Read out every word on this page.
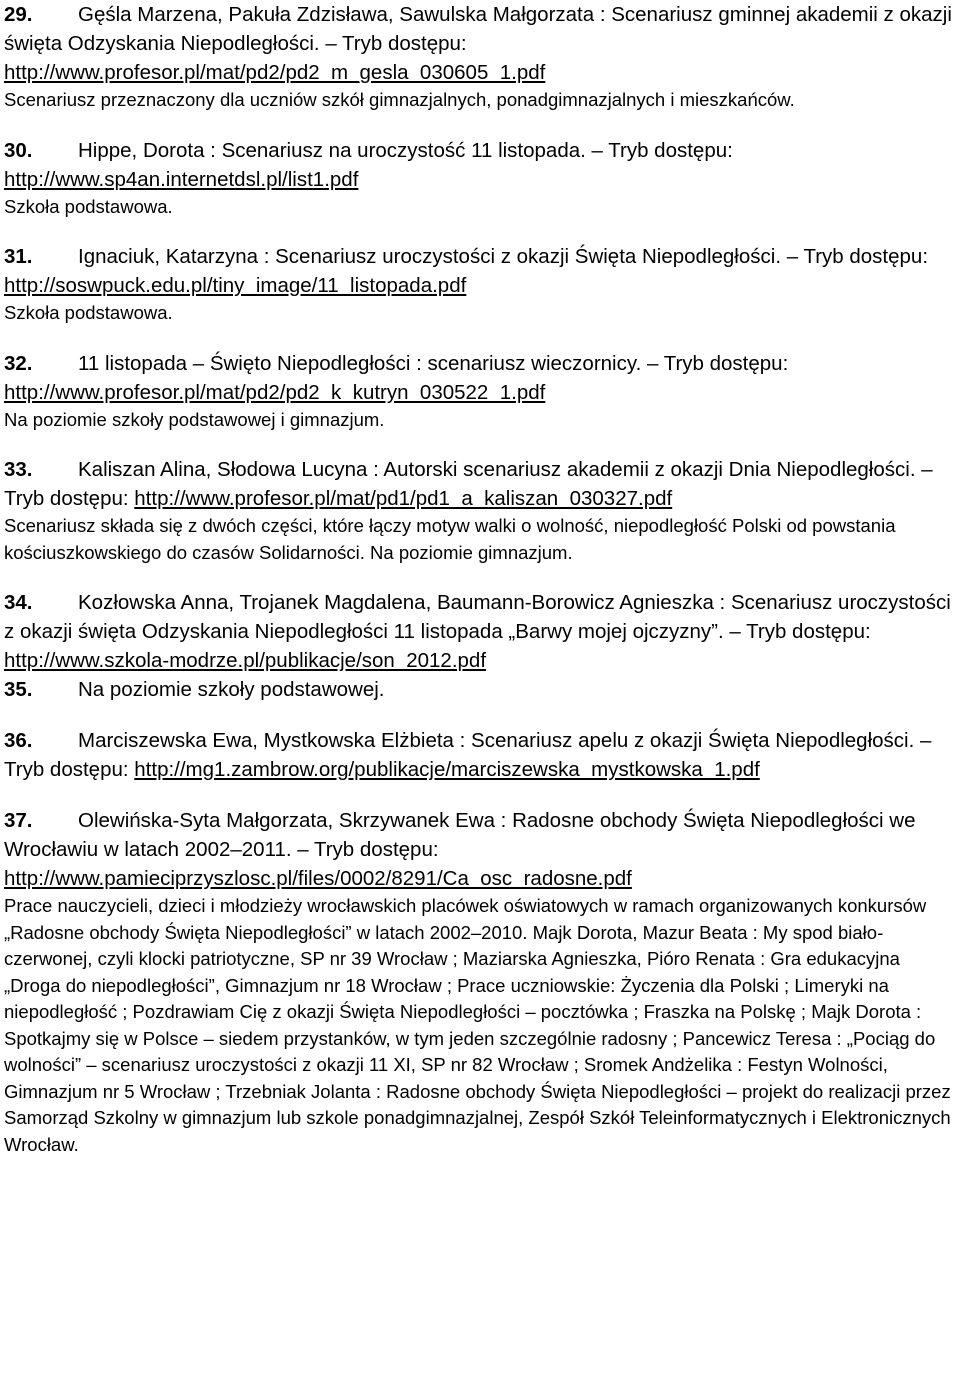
29. Gęśla Marzena, Pakuła Zdzisława, Sawulska Małgorzata : Scenariusz gminnej akademii z okazji święta Odzyskania Niepodległości. – Tryb dostępu: http://www.profesor.pl/mat/pd2/pd2_m_gesla_030605_1.pdf
Scenariusz przeznaczony dla uczniów szkół gimnazjalnych, ponadgimnazjalnych i mieszkańców.
30. Hippe, Dorota : Scenariusz na uroczystość 11 listopada. – Tryb dostępu: http://www.sp4an.internetdsl.pl/list1.pdf
Szkoła podstawowa.
31. Ignaciuk, Katarzyna : Scenariusz uroczystości z okazji Święta Niepodległości. – Tryb dostępu: http://soswpuck.edu.pl/tiny_image/11_listopada.pdf
Szkoła podstawowa.
32. 11 listopada – Święto Niepodległości : scenariusz wieczornicy. – Tryb dostępu: http://www.profesor.pl/mat/pd2/pd2_k_kutryn_030522_1.pdf
Na poziomie szkoły podstawowej i gimnazjum.
33. Kaliszan Alina, Słodowa Lucyna : Autorski scenariusz akademii z okazji Dnia Niepodległości. – Tryb dostępu: http://www.profesor.pl/mat/pd1/pd1_a_kaliszan_030327.pdf
Scenariusz składa się z dwóch części, które łączy motyw walki o wolność, niepodległość Polski od powstania kościuszkowskiego do czasów Solidarności. Na poziomie gimnazjum.
34. Kozłowska Anna, Trojanek Magdalena, Baumann-Borowicz Agnieszka : Scenariusz uroczystości z okazji święta Odzyskania Niepodległości 11 listopada „Barwy mojej ojczyzny”. – Tryb dostępu: http://www.szkola-modrze.pl/publikacje/son_2012.pdf
35. Na poziomie szkoły podstawowej.
36. Marciszewska Ewa, Mystkowska Elżbieta : Scenariusz apelu z okazji Święta Niepodległości. – Tryb dostępu: http://mg1.zambrow.org/publikacje/marciszewska_mystkowska_1.pdf
37. Olewińska-Syta Małgorzata, Skrzywanek Ewa : Radosne obchody Święta Niepodległości we Wrocławiu w latach 2002–2011. – Tryb dostępu: http://www.pamieciprzyszlosc.pl/files/0002/8291/Ca_osc_radosne.pdf
Prace nauczycieli, dzieci i młodzieży wrocławskich placówek oświatowych w ramach organizowanych konkursów „Radosne obchody Święta Niepodległości” w latach 2002–2010. Majk Dorota, Mazur Beata : My spod biało-czerwonej, czyli klocki patriotyczne, SP nr 39 Wrocław ; Maziarska Agnieszka, Pióro Renata : Gra edukacyjna „Droga do niepodległości”, Gimnazjum nr 18 Wrocław ; Prace uczniowskie: Życzenia dla Polski ; Limeryki na niepodległość ; Pozdrawiam Cię z okazji Święta Niepodległości – pocztówka ; Fraszka na Polskę ; Majk Dorota : Spotkajmy się w Polsce – siedem przystanków, w tym jeden szczególnie radosny ; Pancewicz Teresa : „Pociąg do wolności” – scenariusz uroczystości z okazji 11 XI, SP nr 82 Wrocław ; Sromek Andżelika : Festyn Wolności, Gimnazjum nr 5 Wrocław ; Trzebniak Jolanta : Radosne obchody Święta Niepodległości – projekt do realizacji przez Samorząd Szkolny w gimnazjum lub szkole ponadgimnazjalnej, Zespół Szkół Teleinformatycznych i Elektronicznych Wrocław.
